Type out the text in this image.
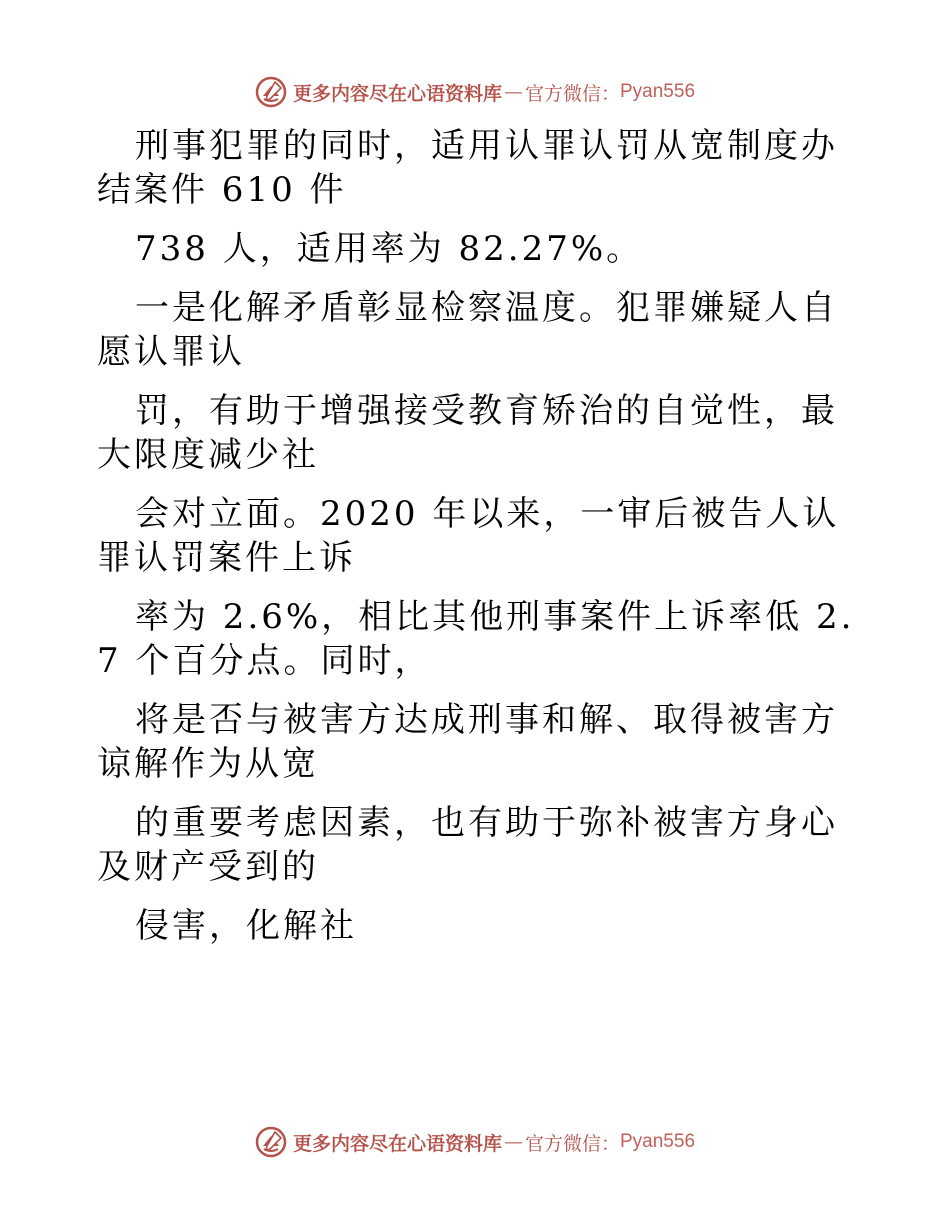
更多内容尽在心语资料库 — 官方微信： Pyan556

刑事犯罪的同时，适用认罪认罚从宽制度办结案件 610 件

738 人，适用率为 82.27%。

一是化解矛盾彰显检察温度。犯罪嫌疑人自愿认罪认

罚，有助于增强接受教育矫治的自觉性，最大限度减少社

会对立面。2020 年以来，一审后被告人认罪认罚案件上诉

率为 2.6%，相比其他刑事案件上诉率低 2.7 个百分点。同时，

将是否与被害方达成刑事和解、取得被害方谅解作为从宽

的重要考虑因素，也有助于弥补被害方身心及财产受到的

侵害，化解社

更多内容尽在心语资料库 — 官方微信： Pyan556
